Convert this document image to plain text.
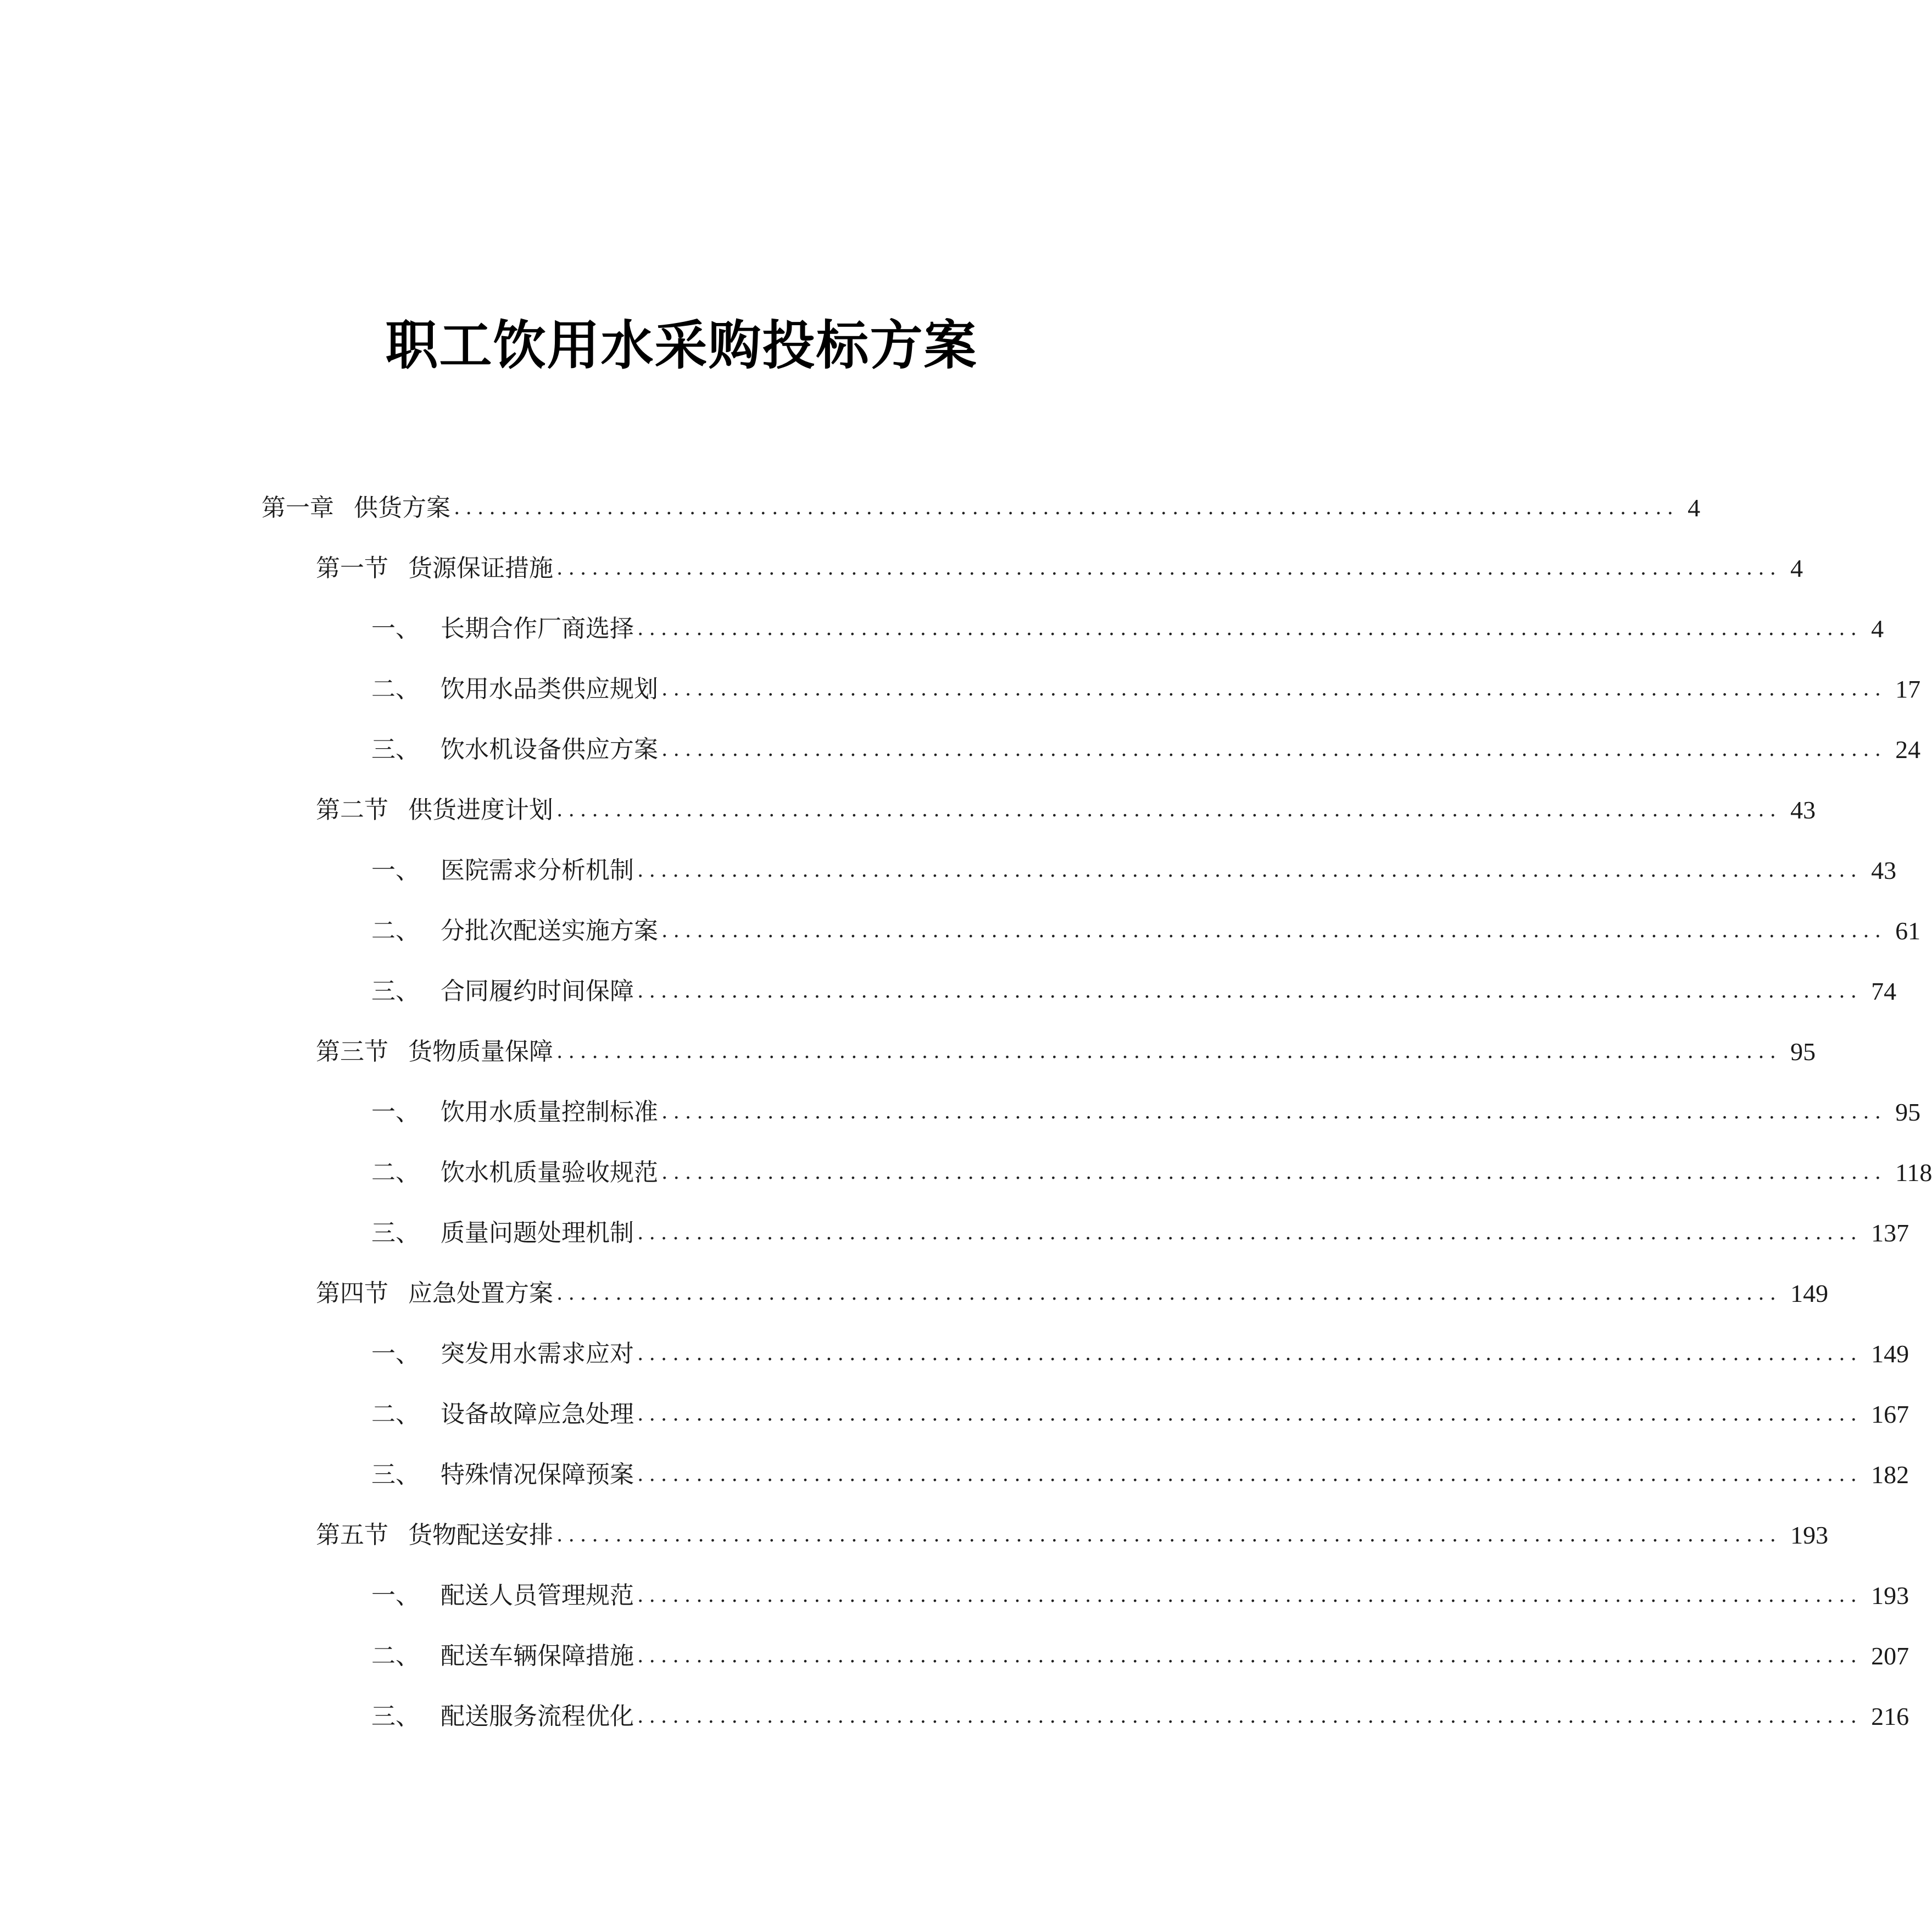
职工饮用水采购投标方案
第一章 供货方案 ........................................................................................................ 4
第一节 货源保证措施 ........................................................................................................ 4
一、 长期合作厂商选择 ........................................................................................................ 4
二、 饮用水品类供应规划 ........................................................................................................ 17
三、 饮水机设备供应方案 ........................................................................................................ 24
第二节 供货进度计划 ........................................................................................................ 43
一、 医院需求分析机制 ........................................................................................................ 43
二、 分批次配送实施方案 ........................................................................................................ 61
三、 合同履约时间保障 ........................................................................................................ 74
第三节 货物质量保障 ........................................................................................................ 95
一、 饮用水质量控制标准 ........................................................................................................ 95
二、 饮水机质量验收规范 ........................................................................................................ 118
三、 质量问题处理机制 ........................................................................................................ 137
第四节 应急处置方案 ........................................................................................................ 149
一、 突发用水需求应对 ........................................................................................................ 149
二、 设备故障应急处理 ........................................................................................................ 167
三、 特殊情况保障预案 ........................................................................................................ 182
第五节 货物配送安排 ........................................................................................................ 193
一、 配送人员管理规范 ........................................................................................................ 193
二、 配送车辆保障措施 ........................................................................................................ 207
三、 配送服务流程优化 ........................................................................................................ 216
